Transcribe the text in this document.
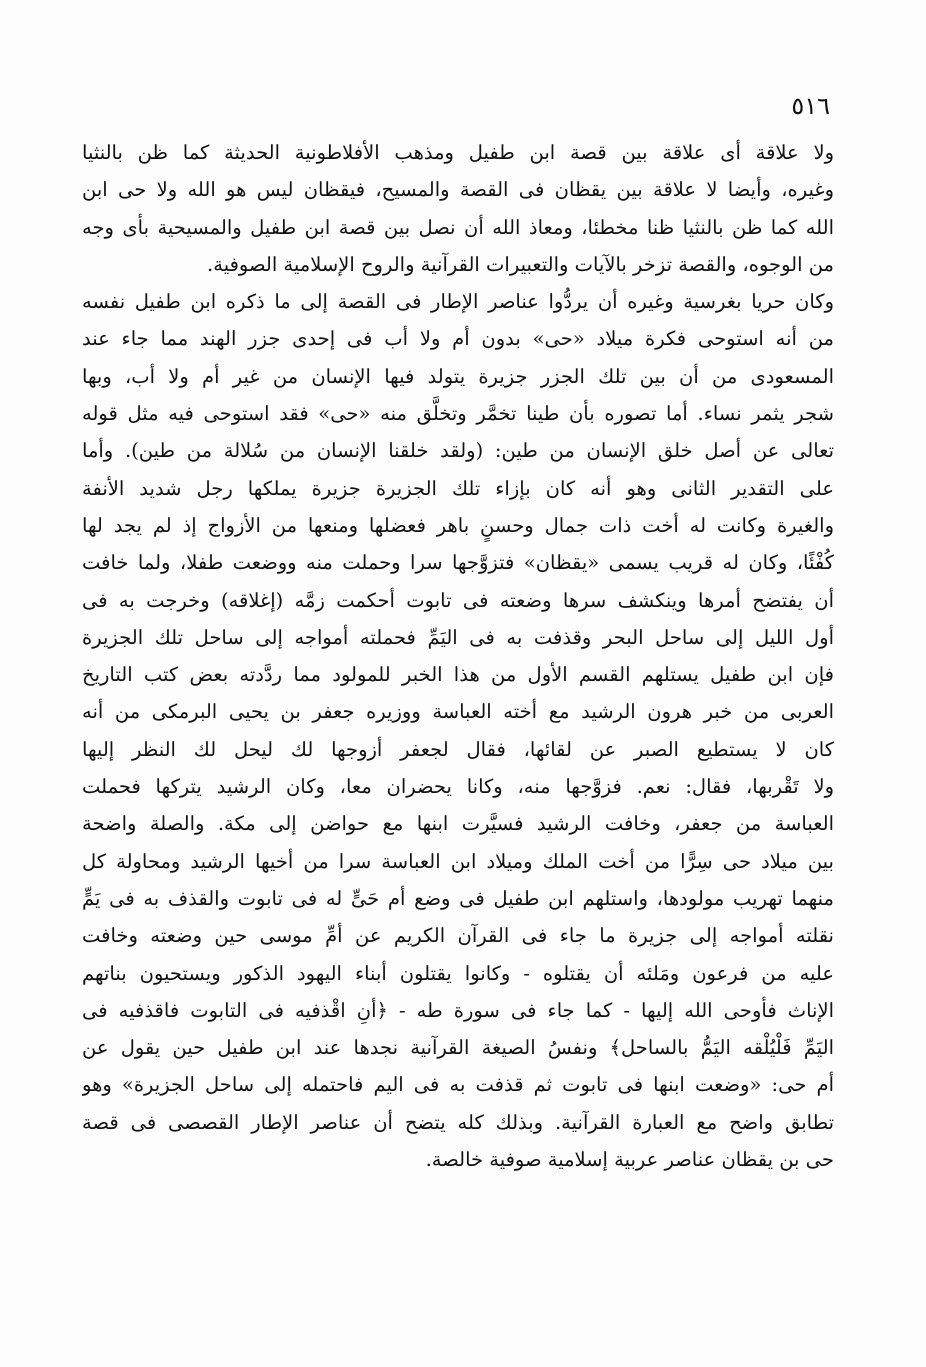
٥١٦
ولا علاقة أى علاقة بين قصة ابن طفيل ومذهب الأفلاطونية الحديثة كما ظن بالنثيا
وغيره، وأيضا لا علاقة بين يقظان فى القصة والمسيح، فيقظان ليس هو الله ولا حى ابن
الله كما ظن بالنثيا ظنا مخطئا، ومعاذ الله أن نصل بين قصة ابن طفيل والمسيحية بأى وجه
من الوجوه، والقصة تزخر بالآيات والتعبيرات القرآنية والروح الإسلامية الصوفية.
وكان حريا بغرسية وغيره أن يردُّوا عناصر الإطار فى القصة إلى ما ذكره ابن طفيل نفسه
من أنه استوحى فكرة ميلاد «حى» بدون أم ولا أب فى إحدى جزر الهند مما جاء عند
المسعودى من أن بين تلك الجزر جزيرة يتولد فيها الإنسان من غير أم ولا أب، وبها
شجر يثمر نساء. أما تصوره بأن طينا تخمَّر وتخلَّق منه «حى» فقد استوحى فيه مثل قوله
تعالى عن أصل خلق الإنسان من طين: (ولقد خلقنا الإنسان من سُلالة من طين). وأما
على التقدير الثانى وهو أنه كان بإزاء تلك الجزيرة جزيرة يملكها رجل شديد الأنفة
والغيرة وكانت له أخت ذات جمال وحسنٍ باهر فعضلها ومنعها من الأزواج إذ لم يجد لها
كُفْئًا، وكان له قريب يسمى «يقظان» فتزوَّجها سرا وحملت منه ووضعت طفلا، ولما خافت
أن يفتضح أمرها وينكشف سرها وضعته فى تابوت أحكمت زمَّه (إغلاقه) وخرجت به فى
أول الليل إلى ساحل البحر وقذفت به فى اليَمِّ فحملته أمواجه إلى ساحل تلك الجزيرة
فإن ابن طفيل يستلهم القسم الأول من هذا الخبر للمولود مما ردَّدته بعض كتب التاريخ
العربى من خبر هرون الرشيد مع أخته العباسة ووزيره جعفر بن يحيى البرمكى من أنه
كان لا يستطيع الصبر عن لقائها، فقال لجعفر أزوجها لك ليحل لك النظر إليها
ولا تَقْربها، فقال: نعم. فزوَّجها منه، وكانا يحضران معا، وكان الرشيد يتركها فحملت
العباسة من جعفر، وخافت الرشيد فسيَّرت ابنها مع حواضن إلى مكة. والصلة واضحة
بين ميلاد حى سِرًّا من أخت الملك وميلاد ابن العباسة سرا من أخيها الرشيد ومحاولة كل
منهما تهريب مولودها، واستلهم ابن طفيل فى وضع أم حَىٍّ له فى تابوت والقذف به فى يَمٍّ
نقلته أمواجه إلى جزيرة ما جاء فى القرآن الكريم عن أمِّ موسى حين وضعته وخافت
عليه من فرعون ومَلئه أن يقتلوه - وكانوا يقتلون أبناء اليهود الذكور ويستحيون بناتهم
الإناث فأوحى الله إليها - كما جاء فى سورة طه - ﴿أنِ اقْذفيه فى التابوت فاقذفيه فى
اليَمِّ فَلْيُلْقه اليَمُّ بالساحل﴾ ونفسُ الصيغة القرآنية نجدها عند ابن طفيل حين يقول عن
أم حى: «وضعت ابنها فى تابوت ثم قذفت به فى اليم فاحتمله إلى ساحل الجزيرة» وهو
تطابق واضح مع العبارة القرآنية. وبذلك كله يتضح أن عناصر الإطار القصصى فى قصة
حى بن يقظان عناصر عربية إسلامية صوفية خالصة.
